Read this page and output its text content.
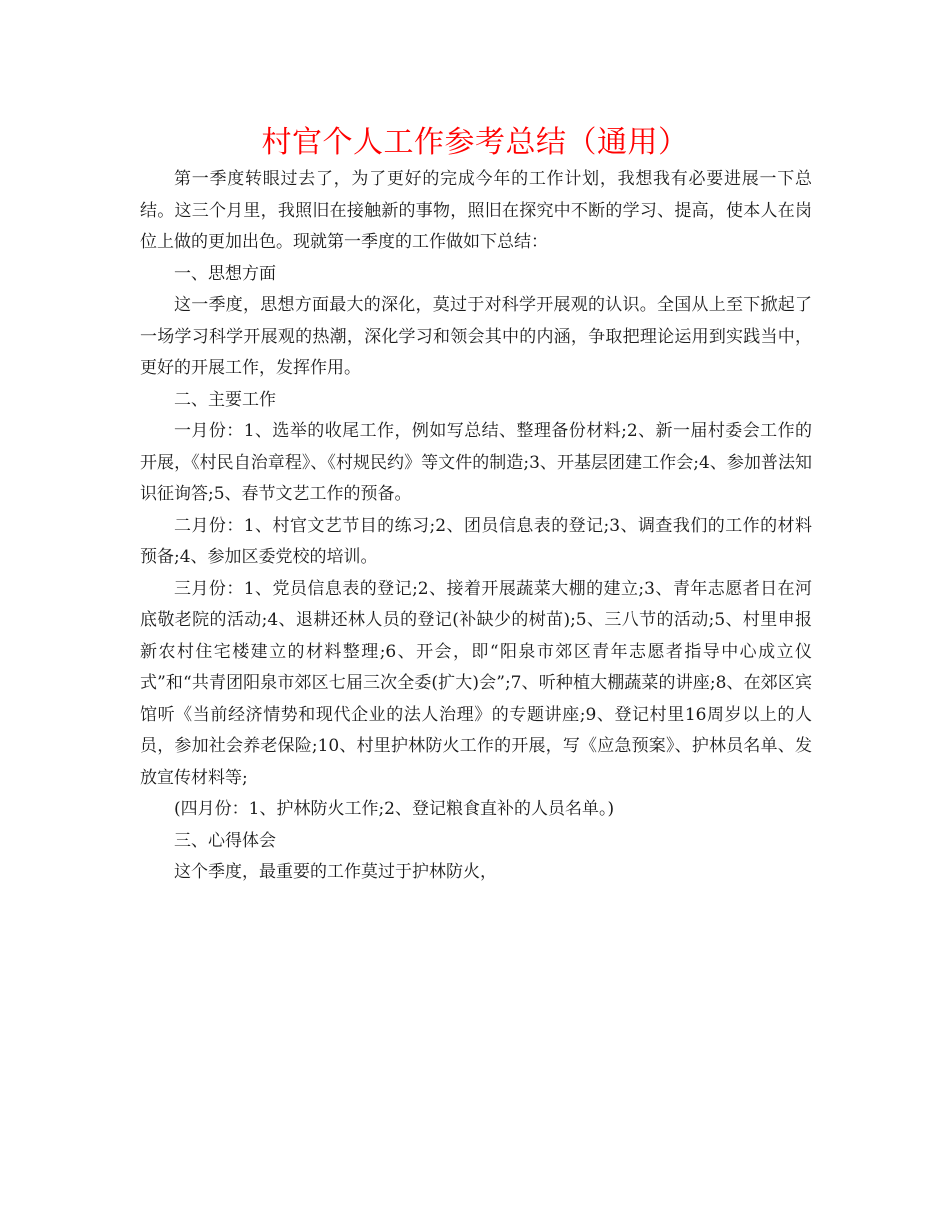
村官个人工作参考总结（通用）

第一季度转眼过去了，为了更好的完成今年的工作计划，我想我有必要进展一下总结。这三个月里，我照旧在接触新的事物，照旧在探究中不断的学习、提高，使本人在岗位上做的更加出色。现就第一季度的工作做如下总结：

一、思想方面

这一季度，思想方面最大的深化，莫过于对科学开展观的认识。全国从上至下掀起了一场学习科学开展观的热潮，深化学习和领会其中的内涵，争取把理论运用到实践当中，更好的开展工作，发挥作用。

二、主要工作

一月份：1、选举的收尾工作，例如写总结、整理备份材料;2、新一届村委会工作的开展，《村民自治章程》、《村规民约》等文件的制造;3、开基层团建工作会;4、参加普法知识征询答;5、春节文艺工作的预备。

二月份：1、村官文艺节目的练习;2、团员信息表的登记;3、调查我们的工作的材料预备;4、参加区委党校的培训。

三月份：1、党员信息表的登记;2、接着开展蔬菜大棚的建立;3、青年志愿者日在河底敬老院的活动;4、退耕还林人员的登记(补缺少的树苗);5、三八节的活动;5、村里申报新农村住宅楼建立的材料整理;6、开会，即“阳泉市郊区青年志愿者指导中心成立仪式”和“共青团阳泉市郊区七届三次全委(扩大)会”;7、听种植大棚蔬菜的讲座;8、在郊区宾馆听《当前经济情势和现代企业的法人治理》的专题讲座;9、登记村里16周岁以上的人员，参加社会养老保险;10、村里护林防火工作的开展，写《应急预案》、护林员名单、发放宣传材料等;

(四月份：1、护林防火工作;2、登记粮食直补的人员名单。)

三、心得体会

这个季度，最重要的工作莫过于护林防火，
